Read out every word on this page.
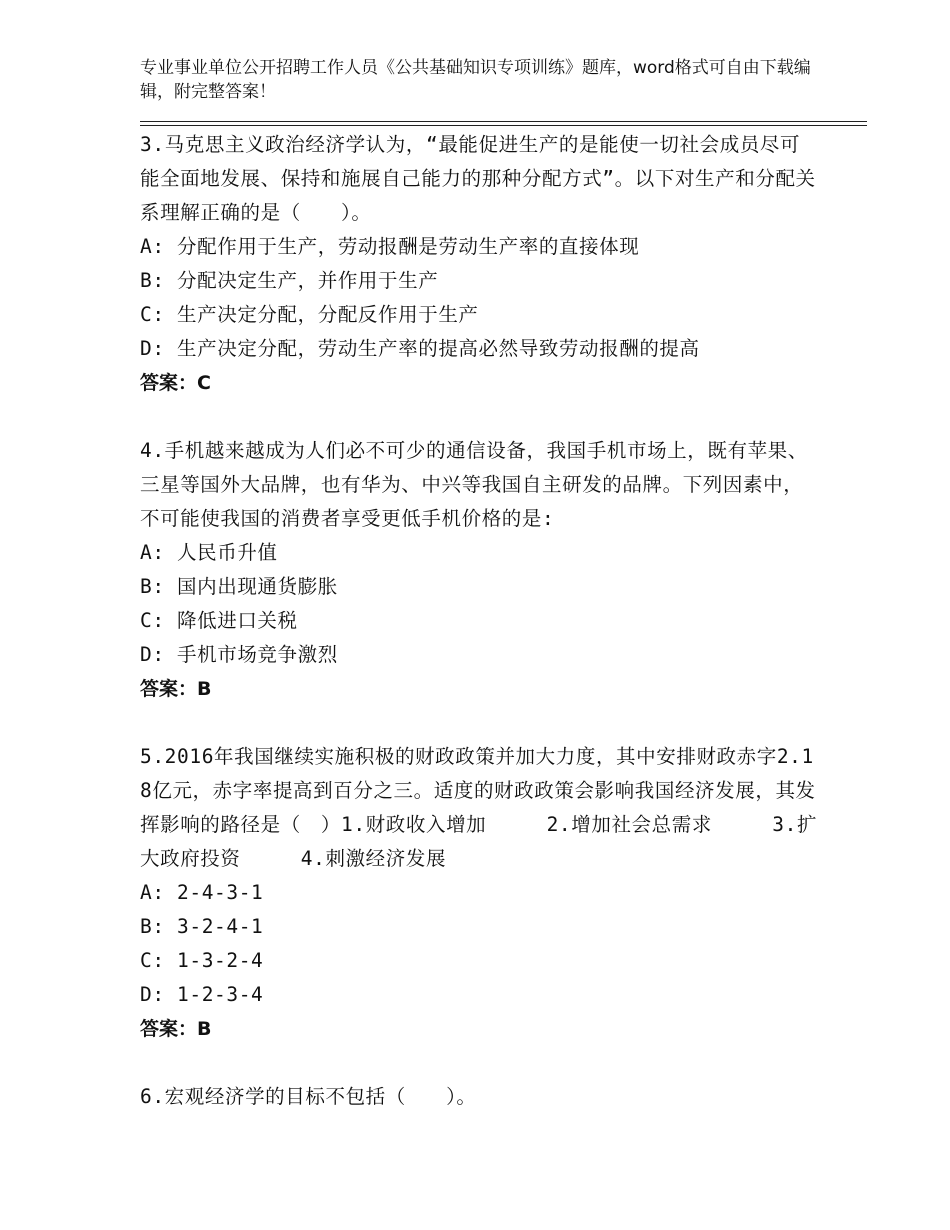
专业事业单位公开招聘工作人员《公共基础知识专项训练》题库，word格式可自由下载编辑，附完整答案！
3.马克思主义政治经济学认为，“最能促进生产的是能使一切社会成员尽可能全面地发展、保持和施展自己能力的那种分配方式”。以下对生产和分配关系理解正确的是（　　）。
A: 分配作用于生产，劳动报酬是劳动生产率的直接体现
B: 分配决定生产，并作用于生产
C: 生产决定分配，分配反作用于生产
D: 生产决定分配，劳动生产率的提高必然导致劳动报酬的提高
答案：C
4.手机越来越成为人们必不可少的通信设备，我国手机市场上，既有苹果、三星等国外大品牌，也有华为、中兴等我国自主研发的品牌。下列因素中，不可能使我国的消费者享受更低手机价格的是:
A: 人民币升值
B: 国内出现通货膨胀
C: 降低进口关税
D: 手机市场竞争激烈
答案：B
5.2016年我国继续实施积极的财政政策并加大力度，其中安排财政赤字2.18亿元，赤字率提高到百分之三。适度的财政政策会影响我国经济发展，其发挥影响的路径是（　）1.财政收入增加　　　2.增加社会总需求　　　3.扩大政府投资　　　4.刺激经济发展
A: 2-4-3-1
B: 3-2-4-1
C: 1-3-2-4
D: 1-2-3-4
答案：B
6.宏观经济学的目标不包括（　　）。
